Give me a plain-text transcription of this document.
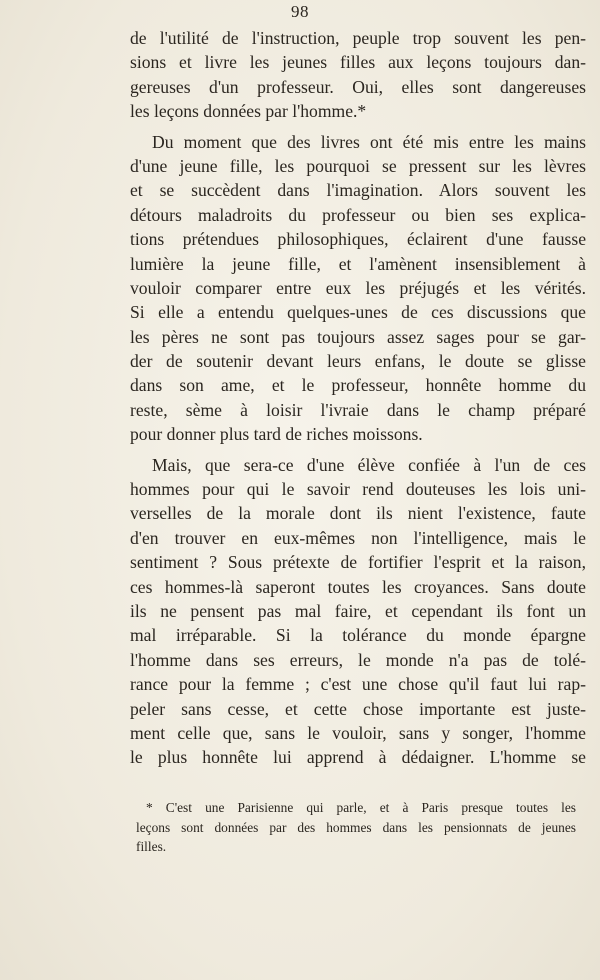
98
de l'utilité de l'instruction, peuple trop souvent les pen-
sions et livre les jeunes filles aux leçons toujours dan-
gereuses d'un professeur. Oui, elles sont dangereuses
les leçons données par l'homme.*
Du moment que des livres ont été mis entre les mains
d'une jeune fille, les pourquoi se pressent sur les lèvres
et se succèdent dans l'imagination. Alors souvent les
détours maladroits du professeur ou bien ses explica-
tions prétendues philosophiques, éclairent d'une fausse
lumière la jeune fille, et l'amènent insensiblement à
vouloir comparer entre eux les préjugés et les vérités.
Si elle a entendu quelques-unes de ces discussions que
les pères ne sont pas toujours assez sages pour se gar-
der de soutenir devant leurs enfans, le doute se glisse
dans son ame, et le professeur, honnête homme du
reste, sème à loisir l'ivraie dans le champ préparé
pour donner plus tard de riches moissons.
Mais, que sera-ce d'une élève confiée à l'un de ces
hommes pour qui le savoir rend douteuses les lois uni-
verselles de la morale dont ils nient l'existence, faute
d'en trouver en eux-mêmes non l'intelligence, mais le
sentiment ? Sous prétexte de fortifier l'esprit et la raison,
ces hommes-là saperont toutes les croyances. Sans doute
ils ne pensent pas mal faire, et cependant ils font un
mal irréparable. Si la tolérance du monde épargne
l'homme dans ses erreurs, le monde n'a pas de tolé-
rance pour la femme ; c'est une chose qu'il faut lui rap-
peler sans cesse, et cette chose importante est juste-
ment celle que, sans le vouloir, sans y songer, l'homme
le plus honnête lui apprend à dédaigner. L'homme se
* C'est une Parisienne qui parle, et à Paris presque toutes les
leçons sont données par des hommes dans les pensionnats de jeunes
filles.
